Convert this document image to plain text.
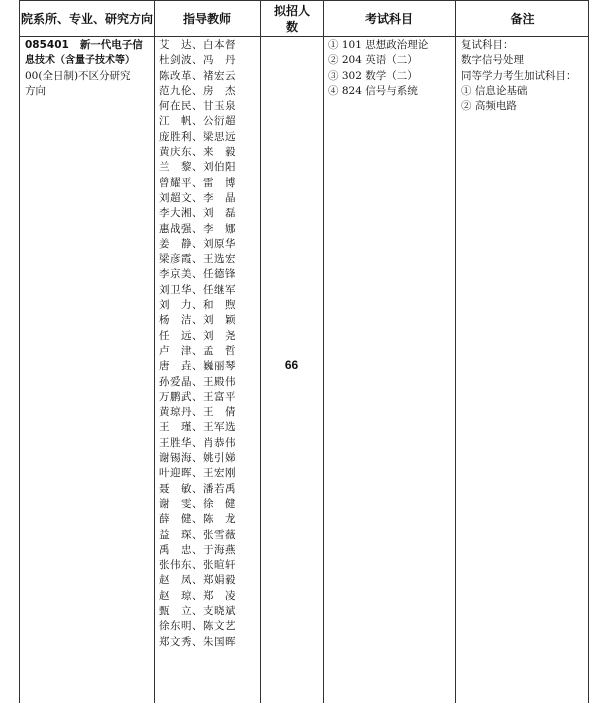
院系所、专业、研究方向	指导教师
拟招人数
考试科目	备注

085401 新一代电子信

息技术（含量子技术等）

00(全日制)不区分研究

方向

艾　达、白本督

杜剑波、冯　丹

陈改革、褚宏云

范九伦、房　杰

何在民、甘玉泉

江　帆、公衍超

庞胜利、梁思远

黄庆东、来　毅

兰　黎、刘伯阳

曾耀平、雷　博

刘超文、李　晶

李大湘、刘　磊

惠战强、李　娜

姜　静、刘原华

梁彦霞、王选宏

李京美、任德锋

刘卫华、任继军

刘　力、和　煦

杨　洁、刘　颖

任　远、刘　尧

卢　津、孟　哲

唐　垚、巍丽琴

孙爱晶、王殿伟

万鹏武、王富平

黄琼丹、王　倩

王　瑾、王军选

王胜华、肖恭伟

谢锡海、姚引娣

叶迎晖、王宏刚

聂　敏、潘若禹

谢　雯、徐　健

薛　健、陈　龙

益　琛、张雪薇

禹　忠、于海燕

张伟东、张暄轩

赵　凤、郑娟毅

赵　琼、郑　凌

甄　立、支晓斌

徐东明、陈文艺

郑文秀、朱国晖

66

① 101 思想政治理论

② 204 英语（二）

③ 302 数学（二）

④ 824 信号与系统

复试科目：

数字信号处理

同等学力考生加试科目：

① 信息论基础

② 高频电路
